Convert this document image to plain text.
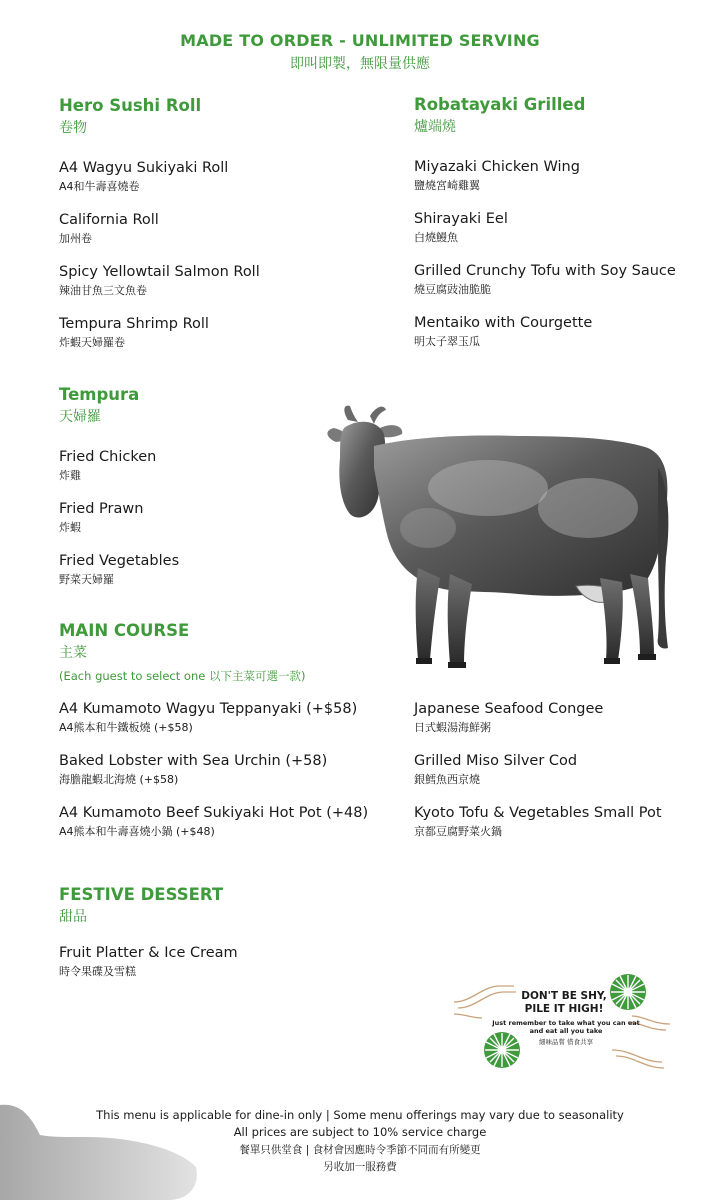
MADE TO ORDER - UNLIMITED SERVING
即叫即製，無限量供應
Hero Sushi Roll
卷物
A4 Wagyu Sukiyaki Roll
A4和牛壽喜燒卷
California Roll
加州卷
Spicy Yellowtail Salmon Roll
辣油甘魚三文魚卷
Tempura Shrimp Roll
炸蝦天婦羅卷
Robatayaki Grilled
爐端燒
Miyazaki Chicken Wing
鹽燒宮崎雞翼
Shirayaki Eel
白燒鰻魚
Grilled Crunchy Tofu with Soy Sauce
燒豆腐豉油脆脆
Mentaiko with Courgette
明太子翠玉瓜
Tempura
天婦羅
Fried Chicken
炸雞
Fried Prawn
炸蝦
Fried Vegetables
野菜天婦羅
MAIN COURSE
主菜
(Each guest to select one 以下主菜可選一款)
A4 Kumamoto Wagyu Teppanyaki (+$58)
A4熊本和牛鐵板燒 (+$58)
Baked Lobster with Sea Urchin (+58)
海膽龍蝦北海燒 (+$58)
A4 Kumamoto Beef Sukiyaki Hot Pot (+48)
A4熊本和牛壽喜燒小鍋 (+$48)
Japanese Seafood Congee
日式蝦湯海鮮粥
Grilled Miso Silver Cod
銀鱈魚西京燒
Kyoto Tofu & Vegetables Small Pot
京都豆腐野菜火鍋
FESTIVE DESSERT
甜品
Fruit Platter & Ice Cream
時令果碟及雪糕
DON'T BE SHY,
PILE IT HIGH!
Just remember to take what you can eat
and eat all you take
細味品嘗 惜食共享
This menu is applicable for dine-in only | Some menu offerings may vary due to seasonality
All prices are subject to 10% service charge
餐單只供堂食 | 食材會因應時令季節不同而有所變更
另收加一服務費
